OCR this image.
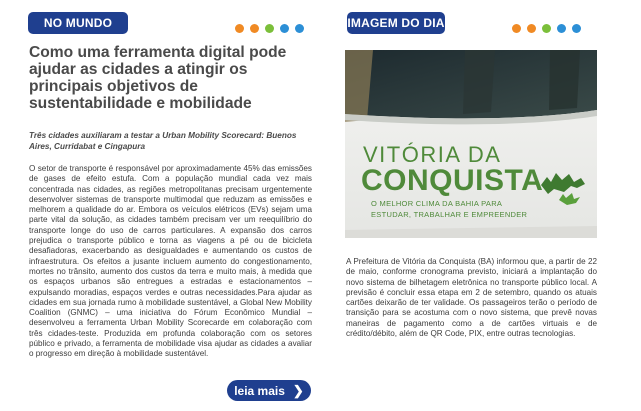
NO MUNDO
Como uma ferramenta digital pode ajudar as cidades a atingir os principais objetivos de sustentabilidade e mobilidade
Três cidades auxiliaram a testar a Urban Mobility Scorecard: Buenos Aires, Curridabat e Cingapura
O setor de transporte é responsável por aproximadamente 45% das emissões de gases de efeito estufa. Com a população mundial cada vez mais concentrada nas cidades, as regiões metropolitanas precisam urgentemente desenvolver sistemas de transporte multimodal que reduzam as emissões e melhorem a qualidade do ar. Embora os veículos elétricos (EVs) sejam uma parte vital da solução, as cidades também precisam ver um reequilíbrio do transporte longe do uso de carros particulares. A expansão dos carros prejudica o transporte público e torna as viagens a pé ou de bicicleta desafiadoras, exacerbando as desigualdades e aumentando os custos de infraestrutura. Os efeitos a jusante incluem aumento do congestionamento, mortes no trânsito, aumento dos custos da terra e muito mais, à medida que os espaços urbanos são entregues a estradas e estacionamentos – expulsando moradias, espaços verdes e outras necessidades.Para ajudar as cidades em sua jornada rumo à mobilidade sustentável, a Global New Mobility Coalition (GNMC) – uma iniciativa do Fórum Econômico Mundial – desenvolveu a ferramenta Urban Mobility Scorecarde em colaboração com três cidades-teste. Produzida em profunda colaboração com os setores público e privado, a ferramenta de mobilidade visa ajudar as cidades a avaliar o progresso em direção à mobilidade sustentável.
leia mais ❯
IMAGEM DO DIA
VITÓRIA DA
CONQUISTA
O MELHOR CLIMA DA BAHIA PARA
ESTUDAR, TRABALHAR E EMPREENDER
A Prefeitura de Vitória da Conquista (BA) informou que, a partir de 22 de maio, conforme cronograma previsto, iniciará a implantação do novo sistema de bilhetagem eletrônica no transporte público local. A previsão é concluir essa etapa em 2 de setembro, quando os atuais cartões deixarão de ter validade. Os passageiros terão o período de transição para se acostuma com o novo sistema, que prevê novas maneiras de pagamento como a de cartões virtuais e de crédito/débito, além de QR Code, PIX, entre outras tecnologias.
